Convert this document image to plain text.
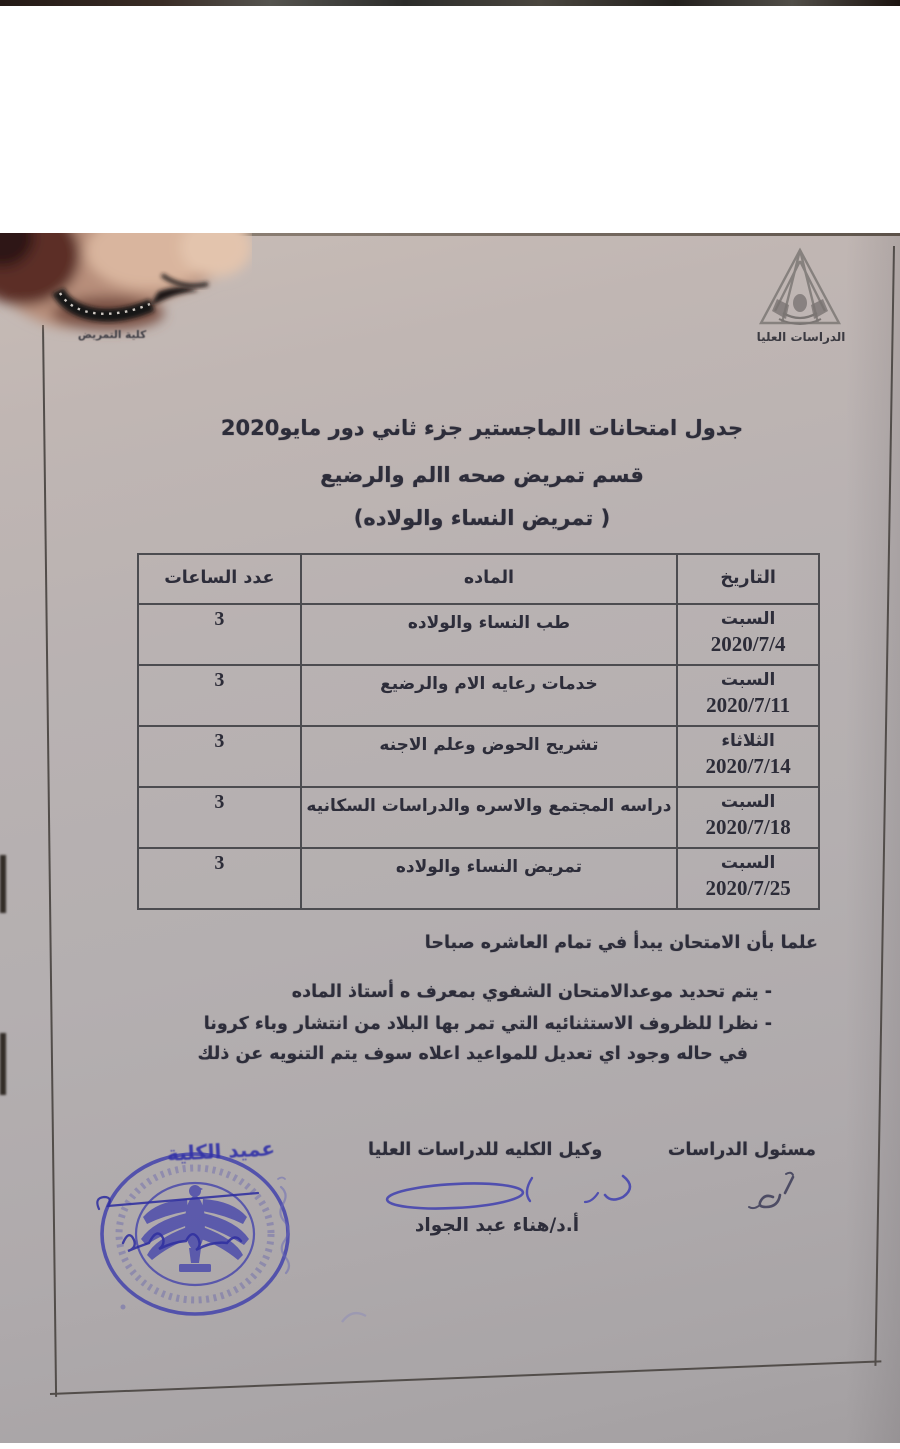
كلية التمريض	الدراسات العليا
جدول امتحانات االماجستير جزء ثاني دور مايو2020
قسم تمريض صحه االم والرضيع
( تمريض النساء والولاده)
التاريخ	الماده	عدد الساعات

السبت
2020/7/4	طب النساء والولاده	3

السبت
2020/7/11	خدمات رعايه الام والرضيع	3

الثلاثاء
2020/7/14	تشريح الحوض وعلم الاجنه	3

السبت
2020/7/18	دراسه المجتمع والاسره والدراسات السكانيه	3

السبت
2020/7/25	تمريض النساء والولاده	3
علما بأن الامتحان يبدأ في تمام العاشره صباحا
- يتم تحديد موعدالامتحان الشفوي بمعرف ه أستاذ الماده
- نظرا للظروف الاستثنائيه التي تمر بها البلاد من انتشار وباء كرونا
في حاله وجود اي تعديل للمواعيد اعلاه سوف يتم التنويه عن ذلك
مسئول الدراسات
وكيل الكليه للدراسات العليا
أ.د/هناء عبد الجواد
عميد الكلية
